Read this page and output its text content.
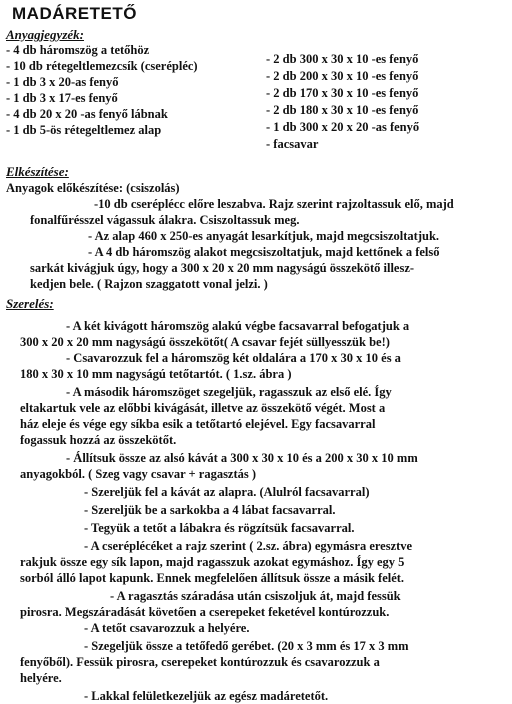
MADÁRETETŐ
Anyagjegyzék:
- 4 db háromszög a tetőhöz
- 10 db rétegeltlemezcsík (cserépléc)
- 1 db 3 x 20-as fenyő
- 1 db 3 x 17-es fenyő
- 4 db 20 x 20 -as fenyő lábnak
- 1 db 5-ös rétegeltlemez alap
- 2 db 300 x 30 x 10 -es fenyő
- 2 db 200 x 30 x 10 -es fenyő
- 2 db 170 x 30 x 10 -es fenyő
- 2 db 180 x 30 x 10 -es fenyő
- 1 db 300 x 20 x 20 -as fenyő
- facsavar
Elkészítése:
Anyagok előkészítése: (csiszolás)
-10 db cseréplécc előre leszabva. Rajz szerint rajzoltassuk elő, majd
fonalfűrésszel vágassuk álakra. Csiszoltassuk meg.
- Az alap 460 x 250-es anyagát lesarkítjuk, majd megcsiszoltatjuk.
- A 4 db háromszög alakot megcsiszoltatjuk, majd kettőnek a felső
sarkát kivágjuk úgy, hogy a 300 x 20 x 20 mm nagyságú összekötő illesz-
kedjen bele. ( Rajzon szaggatott vonal jelzi. )
Szerelés:
- A két kivágott háromszög alakú végbe facsavarral befogatjuk a
300 x 20 x 20 mm nagyságú összekötőt( A csavar fejét süllyesszük be!)
- Csavarozzuk fel a háromszög két oldalára a 170 x 30 x 10 és a
180 x 30 x 10 mm nagyságú tetőtartót. ( 1.sz. ábra )
- A második háromszöget szegeljük, ragasszuk az első elé. Így
eltakartuk vele az előbbi kivágását, illetve az összekötő végét. Most a
ház eleje és vége egy síkba esik a tetőtartó elejével. Egy facsavarral
fogassuk hozzá az összekötőt.
- Állítsuk össze az alsó kávát a 300 x 30 x 10 és a 200 x 30 x 10 mm
anyagokból. ( Szeg vagy csavar + ragasztás )
- Szereljük fel a kávát az alapra. (Alulról facsavarral)
- Szereljük be a sarkokba a 4 lábat facsavarral.
- Tegyük a tetőt a lábakra és rögzítsük facsavarral.
- A cseréplécéket a rajz szerint ( 2.sz. ábra) egymásra eresztve
rakjuk össze egy sík lapon, majd ragasszuk azokat egymáshoz. Így egy 5
sorból álló lapot kapunk. Ennek megfelelően állítsuk össze a másik felét.
- A ragasztás száradása után csiszoljuk át, majd fessük
pirosra. Megszáradását követően a cserepeket feketével kontúrozzuk.
- A tetőt csavarozzuk a helyére.
- Szegeljük össze a tetőfedő gerébet. (20 x 3 mm és 17 x 3 mm
fenyőből). Fessük pirosra, cserepeket kontúrozzuk és csavarozzuk a
helyére.
- Lakkal felületkezeljük az egész madáretetőt.
